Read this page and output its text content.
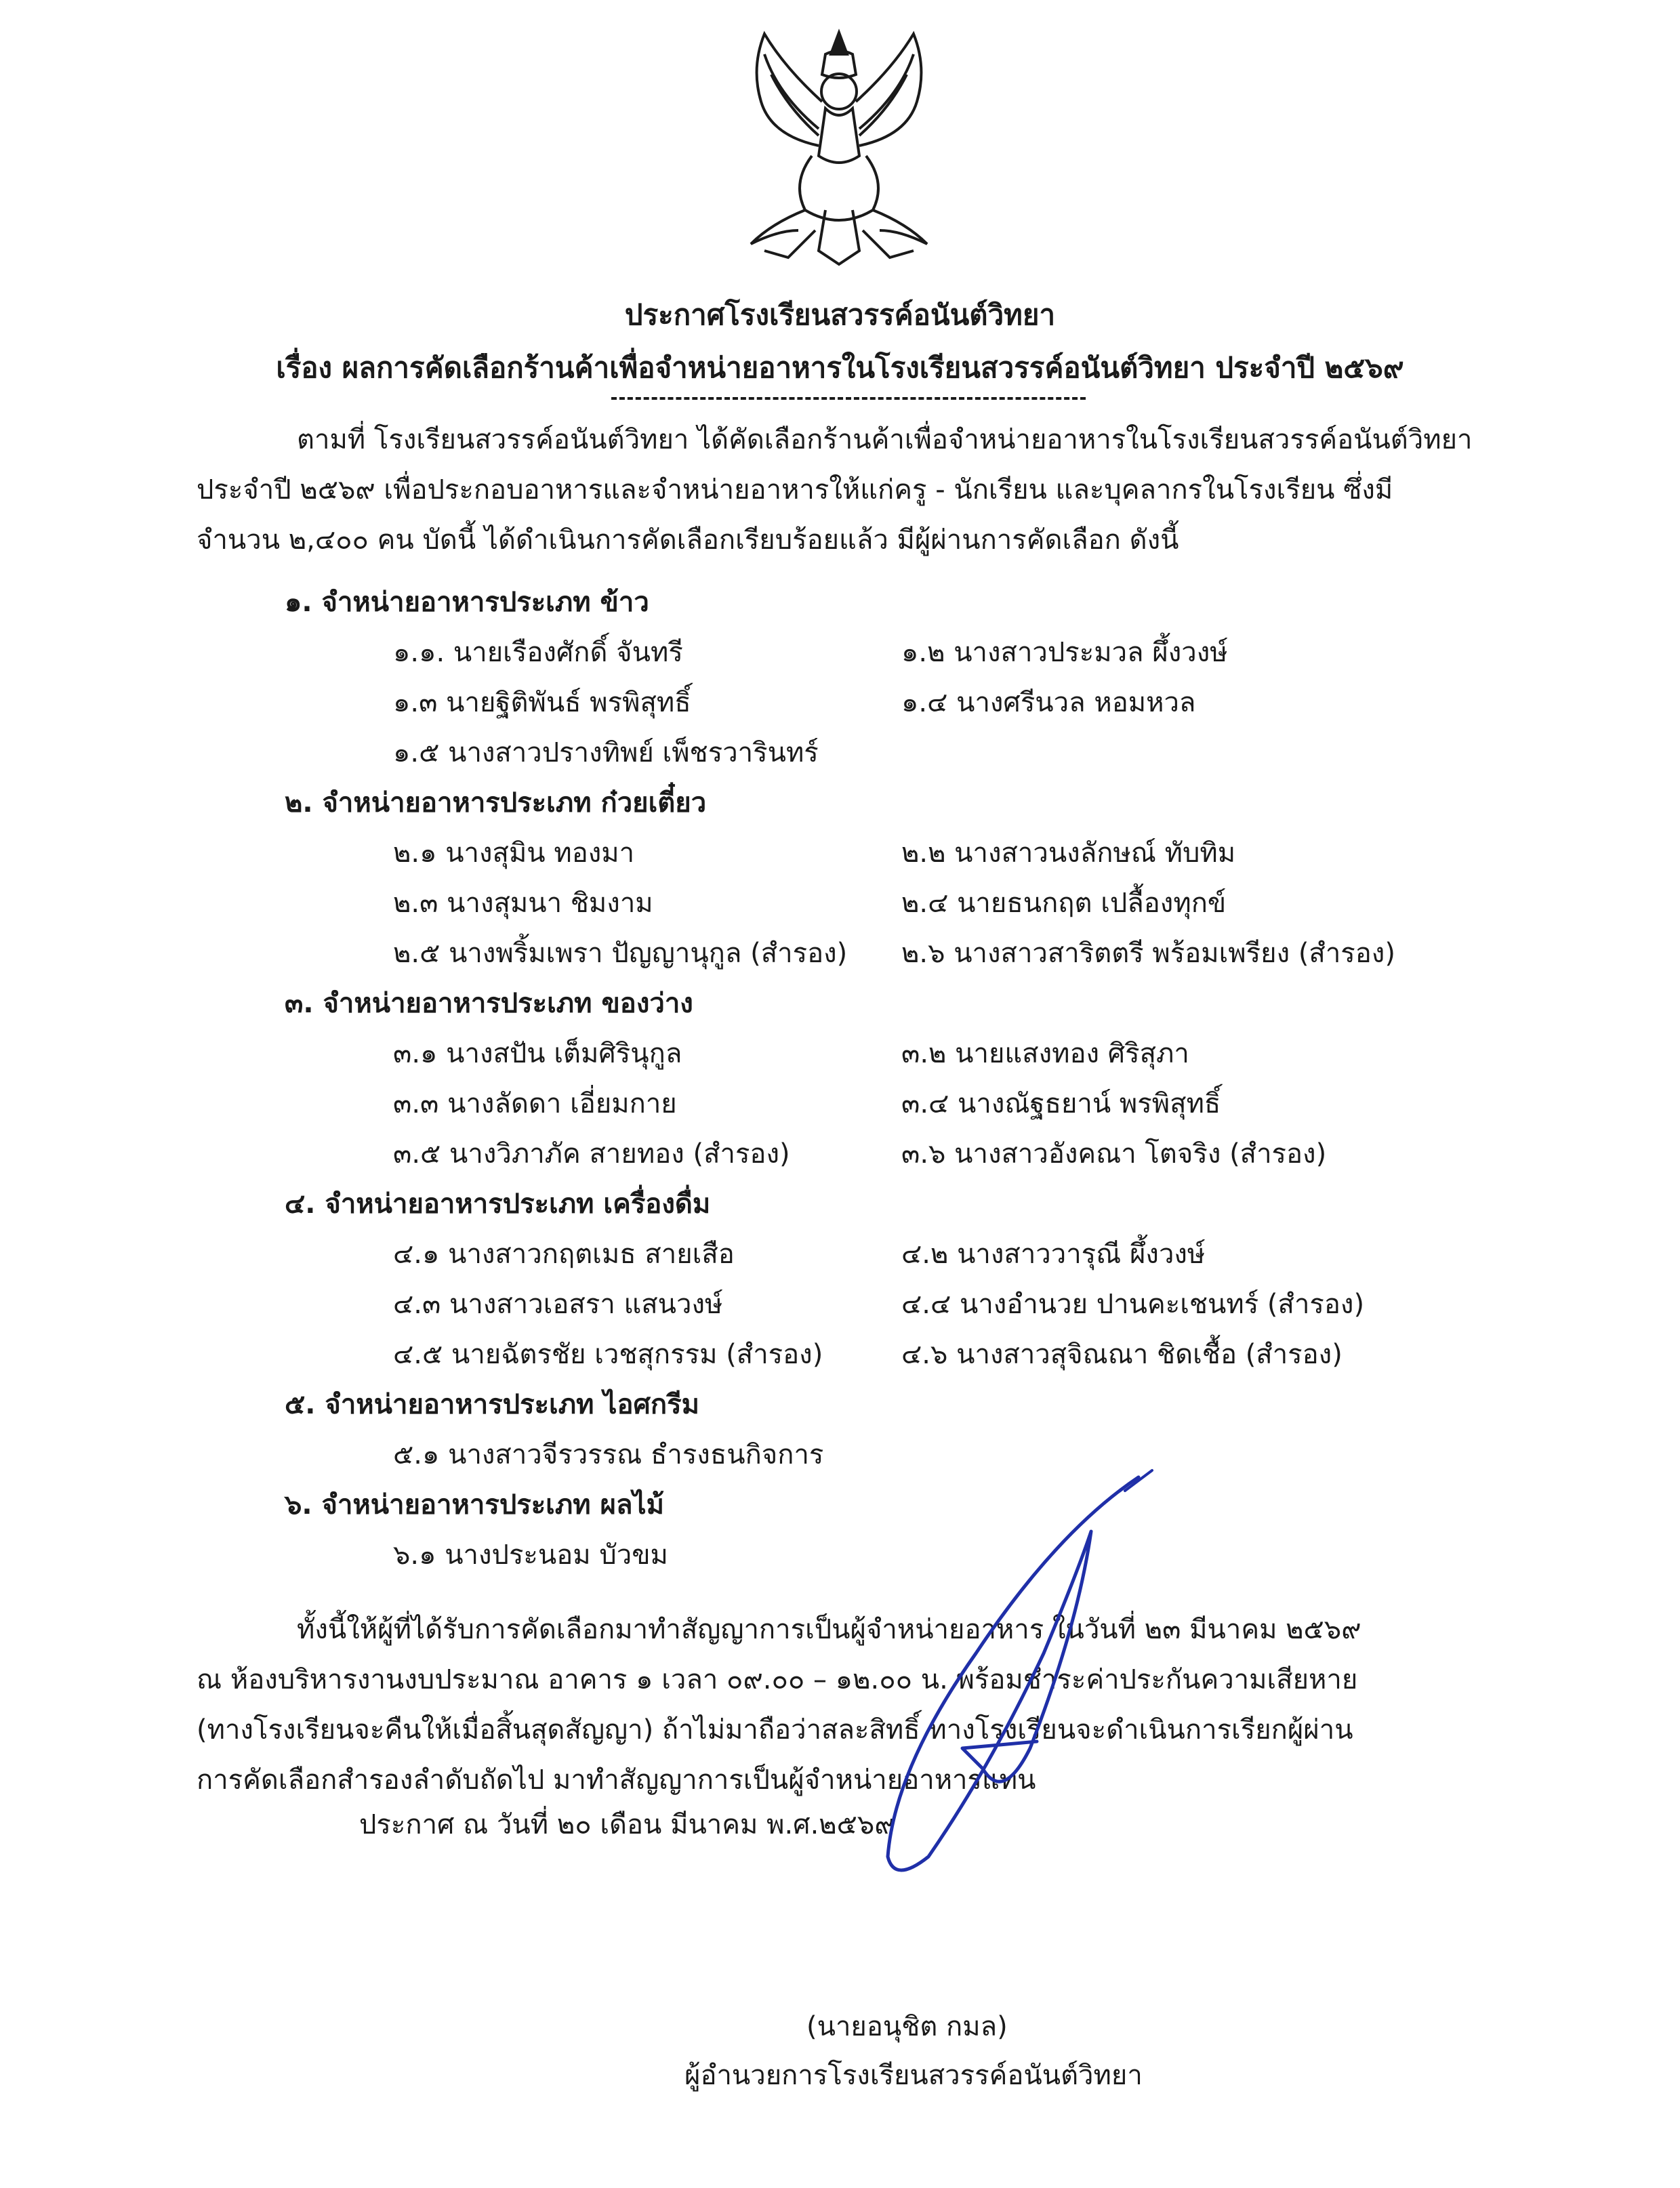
ประกาศโรงเรียนสวรรค์อนันต์วิทยา
เรื่อง ผลการคัดเลือกร้านค้าเพื่อจำหน่ายอาหารในโรงเรียนสวรรค์อนันต์วิทยา ประจำปี ๒๕๖๙
ตามที่ โรงเรียนสวรรค์อนันต์วิทยา ได้คัดเลือกร้านค้าเพื่อจำหน่ายอาหารในโรงเรียนสวรรค์อนันต์วิทยา
ประจำปี ๒๕๖๙ เพื่อประกอบอาหารและจำหน่ายอาหารให้แก่ครู - นักเรียน และบุคลากรในโรงเรียน ซึ่งมี
จำนวน ๒,๔๐๐ คน บัดนี้ ได้ดำเนินการคัดเลือกเรียบร้อยแล้ว มีผู้ผ่านการคัดเลือก ดังนี้
๑. จำหน่ายอาหารประเภท ข้าว
๑.๑. นายเรืองศักดิ์ จันทรี	๑.๒ นางสาวประมวล ผึ้งวงษ์
๑.๓ นายฐิติพันธ์ พรพิสุทธิ์	๑.๔ นางศรีนวล หอมหวล
๑.๕ นางสาวปรางทิพย์ เพ็ชรวารินทร์
๒. จำหน่ายอาหารประเภท ก๋วยเตี๋ยว
๒.๑ นางสุมิน ทองมา	๒.๒ นางสาวนงลักษณ์ ทับทิม
๒.๓ นางสุมนา ชิมงาม	๒.๔ นายธนกฤต เปลื้องทุกข์
๒.๕ นางพริ้มเพรา ปัญญานุกูล (สำรอง) ๒.๖ นางสาวสาริตตรี พร้อมเพรียง (สำรอง)
๓. จำหน่ายอาหารประเภท ของว่าง
๓.๑ นางสปัน เต็มศิรินุกูล	๓.๒ นายแสงทอง ศิริสุภา
๓.๓ นางลัดดา เอี่ยมกาย	๓.๔ นางณัฐธยาน์ พรพิสุทธิ์
๓.๕ นางวิภาภัค สายทอง (สำรอง)	๓.๖ นางสาวอังคณา โตจริง (สำรอง)
๔. จำหน่ายอาหารประเภท เครื่องดื่ม
๔.๑ นางสาวกฤตเมธ สายเสือ	๔.๒ นางสาววารุณี ผึ้งวงษ์
๔.๓ นางสาวเอสรา แสนวงษ์	๔.๔ นางอำนวย ปานคะเชนทร์ (สำรอง)
๔.๕ นายฉัตรชัย เวชสุกรรม (สำรอง)	๔.๖ นางสาวสุจิณณา ชิดเชื้อ (สำรอง)
๕. จำหน่ายอาหารประเภท ไอศกรีม
๕.๑ นางสาวจีรวรรณ ธำรงธนกิจการ
๖. จำหน่ายอาหารประเภท ผลไม้
๖.๑ นางประนอม บัวขม
ทั้งนี้ให้ผู้ที่ได้รับการคัดเลือกมาทำสัญญาการเป็นผู้จำหน่ายอาหาร ในวันที่ ๒๓ มีนาคม ๒๕๖๙
ณ ห้องบริหารงานงบประมาณ อาคาร ๑ เวลา ๐๙.๐๐ – ๑๒.๐๐ น. พร้อมชำระค่าประกันความเสียหาย
(ทางโรงเรียนจะคืนให้เมื่อสิ้นสุดสัญญา) ถ้าไม่มาถือว่าสละสิทธิ์ ทางโรงเรียนจะดำเนินการเรียกผู้ผ่าน
การคัดเลือกสำรองลำดับถัดไป มาทำสัญญาการเป็นผู้จำหน่ายอาหารแทน
ประกาศ ณ วันที่ ๒๐ เดือน มีนาคม พ.ศ.๒๕๖๙
(นายอนุชิต กมล)
ผู้อำนวยการโรงเรียนสวรรค์อนันต์วิทยา
